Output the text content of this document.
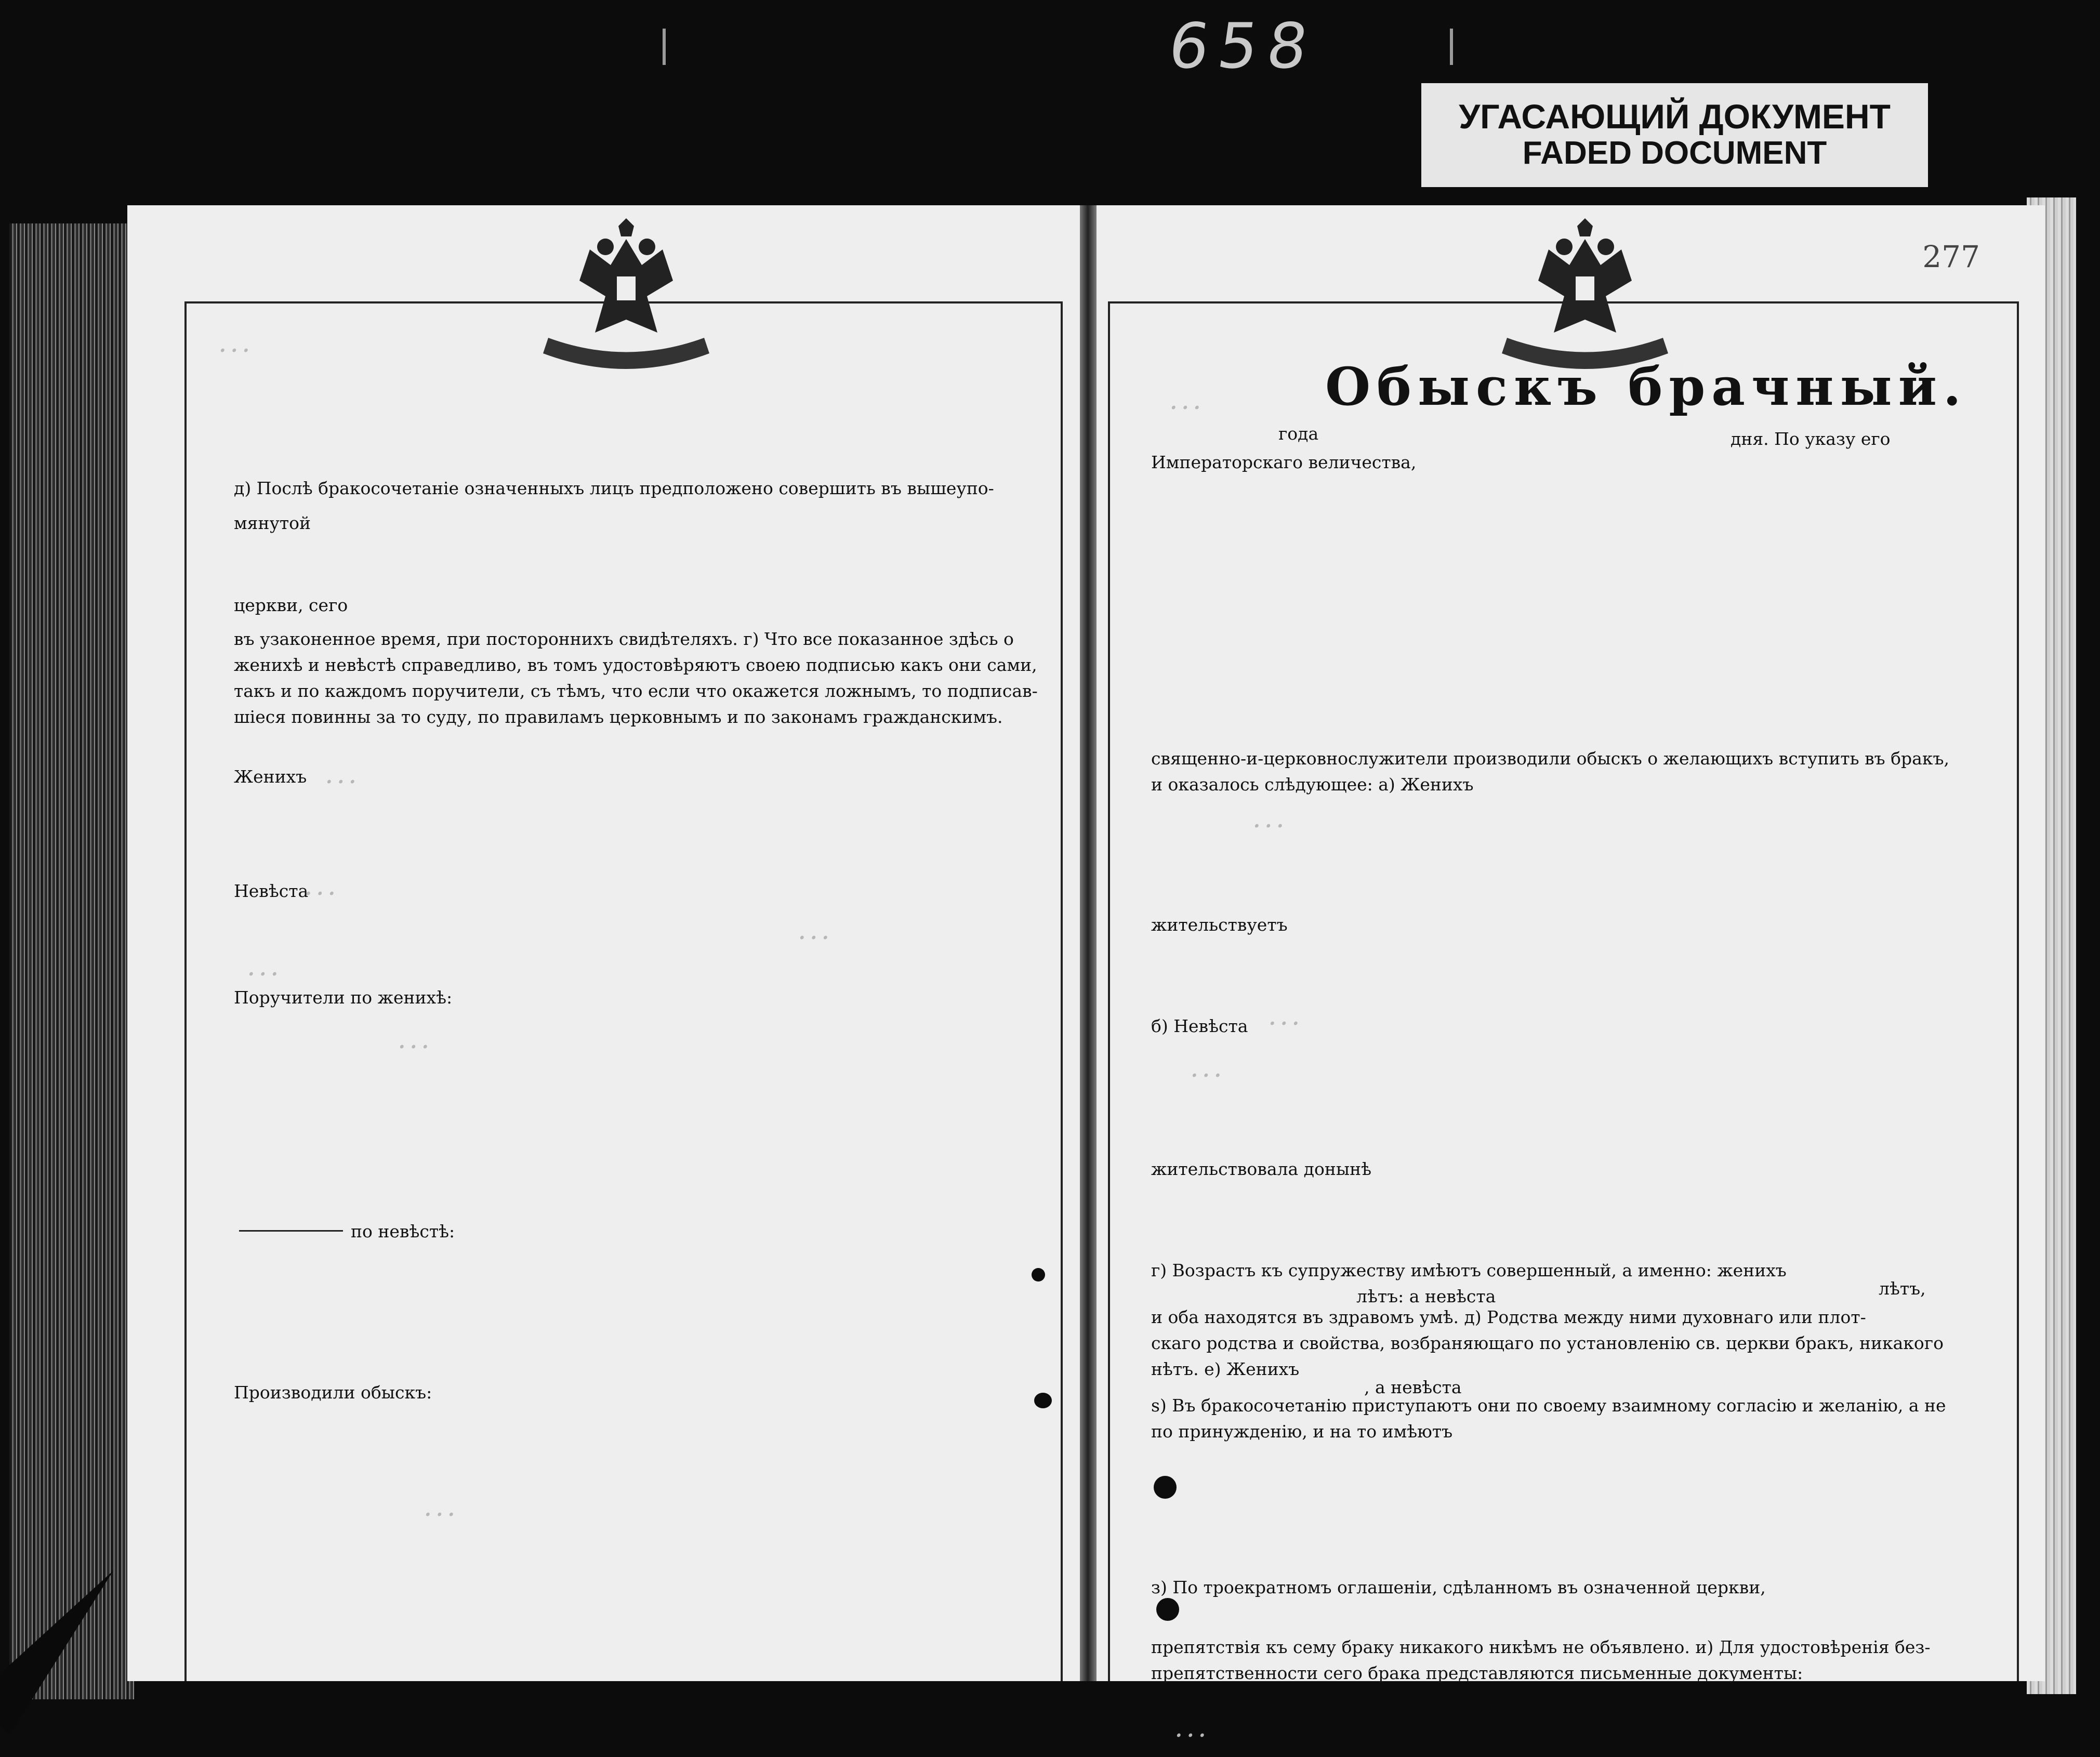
658
УГАСАЮЩИЙ ДОКУМЕНТ
FADED DOCUMENT
...
д) Послѣ бракосочетаніе означенныхъ лицъ предположено совершить въ вышеупо-
мянутой
церкви, сего
въ узаконенное время, при постороннихъ свидѣтеляхъ. г) Что все показанное здѣсь о
женихѣ и невѣстѣ справедливо, въ томъ удостовѣряютъ своею подписью какъ они сами,
такъ и по каждомъ поручители, съ тѣмъ, что если что окажется ложнымъ, то подписав-
шіеся повинны за то суду, по правиламъ церковнымъ и по законамъ гражданскимъ.
Женихъ ...
Невѣста
...
...
...
Поручители по женихѣ:
...
по невѣстѣ:
Производили обыскъ:
...
277
Обыскъ брачный.
...
года	дня. По указу его
Императорскаго величества,
священно-и-церковнослужители производили обыскъ о желающихъ вступить въ бракъ,
и оказалось слѣдующее: а) Женихъ
...
жительствуетъ
б) Невѣста ...
...
жительствовала донынѣ
г) Возрастъ къ супружеству имѣютъ совершенный, а именно: женихъ
лѣтъ: а невѣста	лѣтъ,
и оба находятся въ здравомъ умѣ. д) Родства между ними духовнаго или плот-
скаго родства и свойства, возбраняющаго по установленію св. церкви бракъ, никакого
нѣтъ. е) Женихъ
, а невѣста
ѕ) Въ бракосочетанію приступаютъ они по своему взаимному согласію и желанію, а не
по принужденію, и на то имѣютъ
з) По троекратномъ оглашеніи, сдѣланномъ въ означенной церкви,
препятствія къ сему браку никакого никѣмъ не объявлено. и) Для удостовѣренія без-
препятственности сего брака представляются письменные документы:
...
